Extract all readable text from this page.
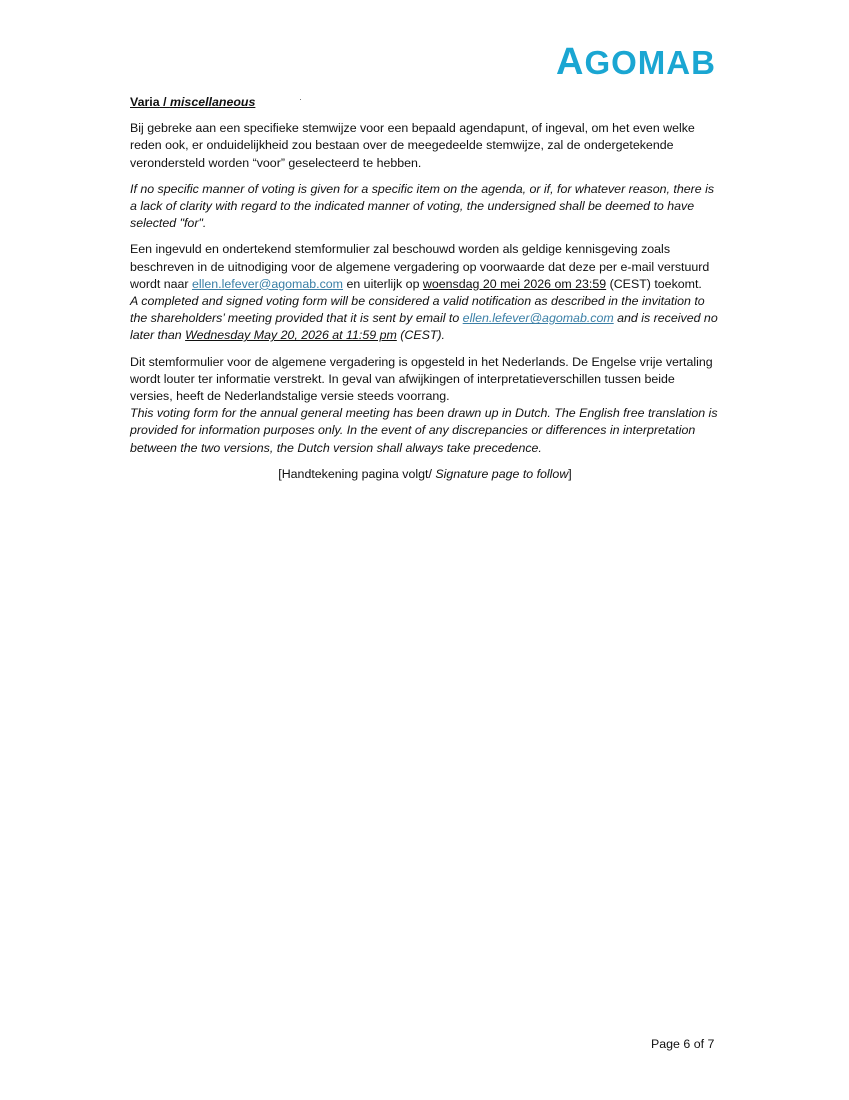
AGOMAB

Varia / miscellaneous

Bij gebreke aan een specifieke stemwijze voor een bepaald agendapunt, of ingeval, om het even welke reden ook, er onduidelijkheid zou bestaan over de meegedeelde stemwijze, zal de ondergetekende verondersteld worden “voor” geselecteerd te hebben.

If no specific manner of voting is given for a specific item on the agenda, or if, for whatever reason, there is a lack of clarity with regard to the indicated manner of voting, the undersigned shall be deemed to have selected "for".

Een ingevuld en ondertekend stemformulier zal beschouwd worden als geldige kennisgeving zoals beschreven in de uitnodiging voor de algemene vergadering op voorwaarde dat deze per e-mail verstuurd wordt naar ellen.lefever@agomab.com en uiterlijk op woensdag 20 mei 2026 om 23:59 (CEST) toekomt.

A completed and signed voting form will be considered a valid notification as described in the invitation to the shareholders’ meeting provided that it is sent by email to ellen.lefever@agomab.com and is received no later than Wednesday May 20, 2026 at 11:59 pm (CEST).

Dit stemformulier voor de algemene vergadering is opgesteld in het Nederlands. De Engelse vrije vertaling wordt louter ter informatie verstrekt. In geval van afwijkingen of interpretatieverschillen tussen beide versies, heeft de Nederlandstalige versie steeds voorrang.

This voting form for the annual general meeting has been drawn up in Dutch. The English free translation is provided for information purposes only. In the event of any discrepancies or differences in interpretation between the two versions, the Dutch version shall always take precedence.

[Handtekening pagina volgt/ Signature page to follow]

Page 6 of 7
